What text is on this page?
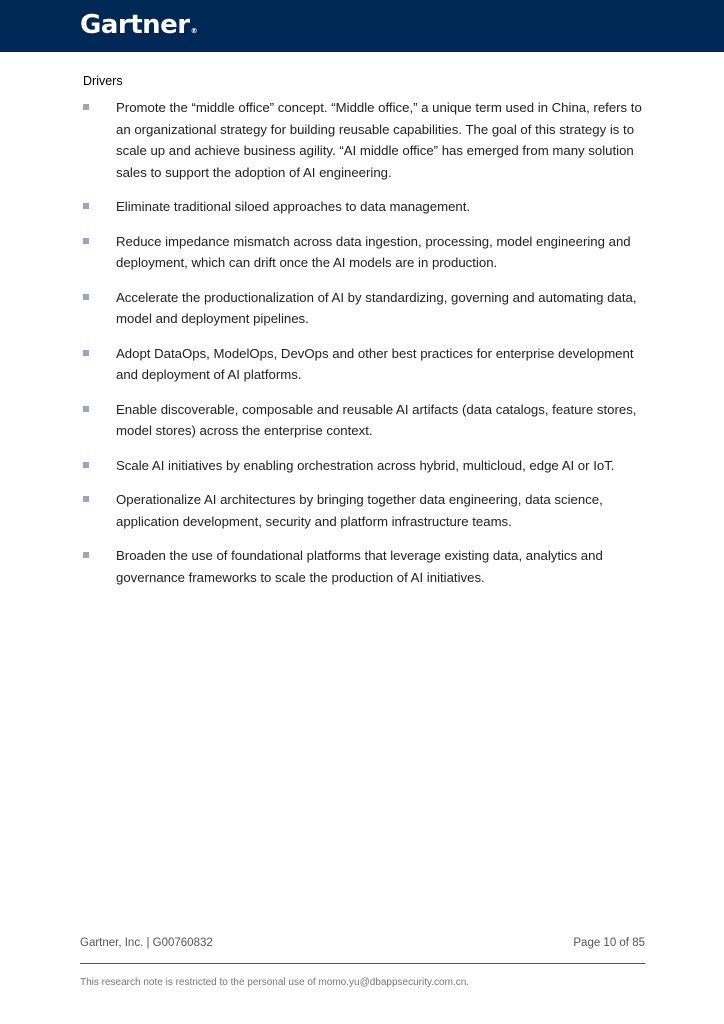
Gartner®
Drivers
Promote the “middle office” concept. “Middle office,” a unique term used in China, refers to an organizational strategy for building reusable capabilities. The goal of this strategy is to scale up and achieve business agility. “AI middle office” has emerged from many solution sales to support the adoption of AI engineering.
Eliminate traditional siloed approaches to data management.
Reduce impedance mismatch across data ingestion, processing, model engineering and deployment, which can drift once the AI models are in production.
Accelerate the productionalization of AI by standardizing, governing and automating data, model and deployment pipelines.
Adopt DataOps, ModelOps, DevOps and other best practices for enterprise development and deployment of AI platforms.
Enable discoverable, composable and reusable AI artifacts (data catalogs, feature stores, model stores) across the enterprise context.
Scale AI initiatives by enabling orchestration across hybrid, multicloud, edge AI or IoT.
Operationalize AI architectures by bringing together data engineering, data science, application development, security and platform infrastructure teams.
Broaden the use of foundational platforms that leverage existing data, analytics and governance frameworks to scale the production of AI initiatives.
Gartner, Inc. | G00760832	Page 10 of 85
This research note is restricted to the personal use of momo.yu@dbappsecurity.com.cn.
